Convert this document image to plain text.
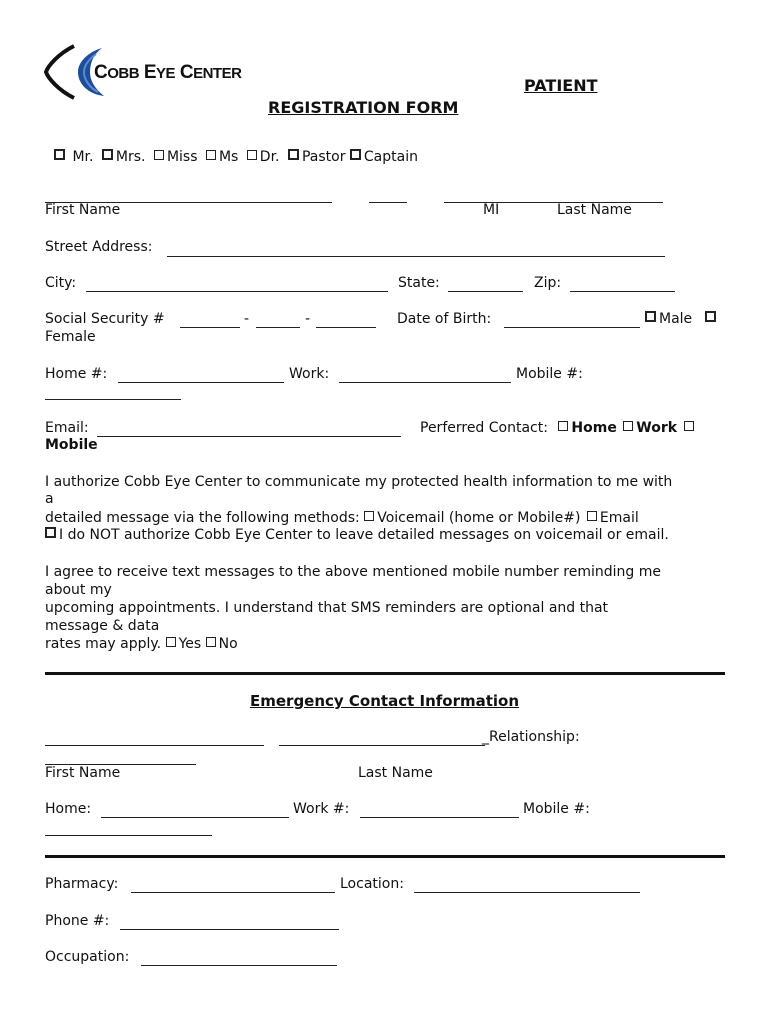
COBB EYE CENTER
PATIENT
REGISTRATION FORM
Mr. Mrs. Miss Ms Dr. Pastor Captain
First Name	MI	Last Name
Street Address:
City:	State:	Zip:
Social Security #	-	-	Date of Birth:	Male
Female
Home #:	Work:	Mobile #:
Email:	Perferred Contact: Home Work
Mobile
I authorize Cobb Eye Center to communicate my protected health information to me with
a
detailed message via the following methods: Voicemail (home or Mobile#) Email
I do NOT authorize Cobb Eye Center to leave detailed messages on voicemail or email.
I agree to receive text messages to the above mentioned mobile number reminding me
about my
upcoming appointments. I understand that SMS reminders are optional and that
message & data
rates may apply. Yes No
Emergency Contact Information
_Relationship:
First Name	Last Name
Home:	Work #:	Mobile #:
Pharmacy:	Location:
Phone #:
Occupation:
